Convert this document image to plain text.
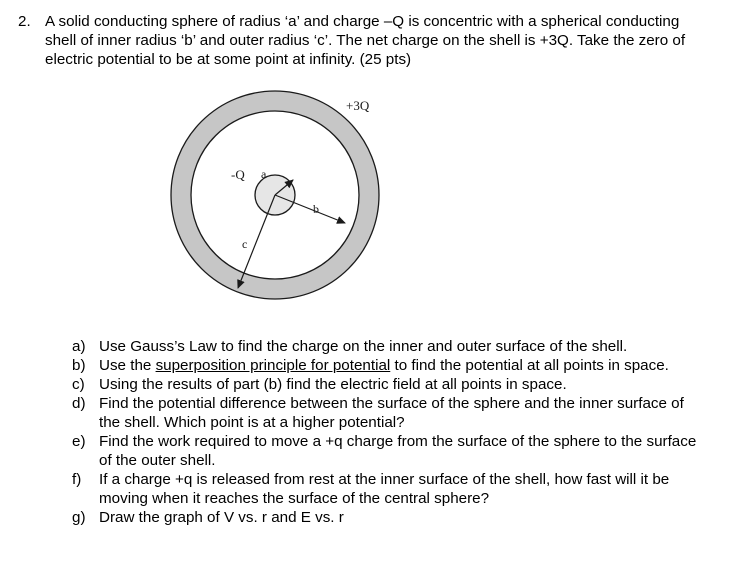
2. A solid conducting sphere of radius ‘a’ and charge –Q is concentric with a spherical conducting shell of inner radius ‘b’ and outer radius ‘c’. The net charge on the shell is +3Q. Take the zero of electric potential to be at some point at infinity. (25 pts)
+3Q
-Q a
b
c
a) Use Gauss’s Law to find the charge on the inner and outer surface of the shell.
b) Use the superposition principle for potential to find the potential at all points in space.
c) Using the results of part (b) find the electric field at all points in space.
d) Find the potential difference between the surface of the sphere and the inner surface of the shell. Which point is at a higher potential?
e) Find the work required to move a +q charge from the surface of the sphere to the surface of the outer shell.
f) If a charge +q is released from rest at the inner surface of the shell, how fast will it be moving when it reaches the surface of the central sphere?
g) Draw the graph of V vs. r and E vs. r
